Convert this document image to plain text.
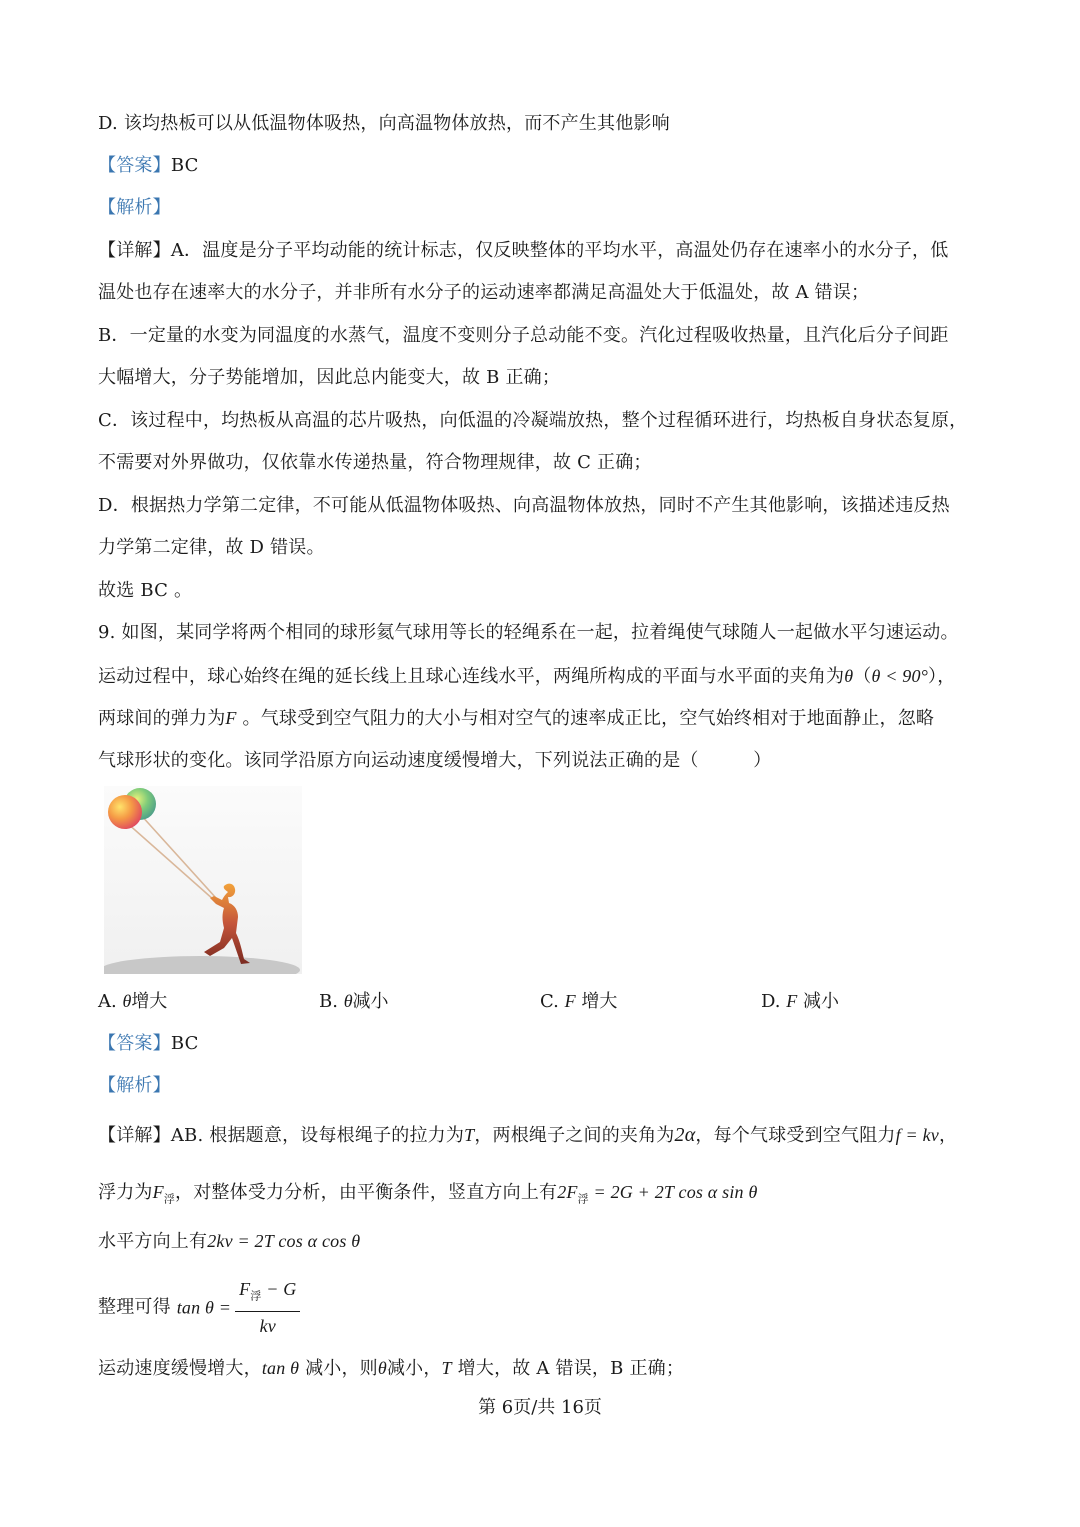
D. 该均热板可以从低温物体吸热，向高温物体放热，而不产生其他影响
【答案】BC
【解析】
【详解】A．温度是分子平均动能的统计标志，仅反映整体的平均水平，高温处仍存在速率小的水分子，低
温处也存在速率大的水分子，并非所有水分子的运动速率都满足高温处大于低温处，故 A 错误；
B．一定量的水变为同温度的水蒸气，温度不变则分子总动能不变。汽化过程吸收热量，且汽化后分子间距
大幅增大，分子势能增加，因此总内能变大，故 B 正确；
C．该过程中，均热板从高温的芯片吸热，向低温的冷凝端放热，整个过程循环进行，均热板自身状态复原，
不需要对外界做功，仅依靠水传递热量，符合物理规律，故 C 正确；
D．根据热力学第二定律，不可能从低温物体吸热、向高温物体放热，同时不产生其他影响，该描述违反热
力学第二定律，故 D 错误。
故选 BC 。
9. 如图，某同学将两个相同的球形氦气球用等长的轻绳系在一起，拉着绳使气球随人一起做水平匀速运动。
运动过程中，球心始终在绳的延长线上且球心连线水平，两绳所构成的平面与水平面的夹角为θ（θ < 90°），
两球间的弹力为F 。气球受到空气阻力的大小与相对空气的速率成正比，空气始终相对于地面静止，忽略
气球形状的变化。该同学沿原方向运动速度缓慢增大，下列说法正确的是（　　　）
A. θ增大	B. θ减小	C. F 增大	D. F 减小
【答案】BC
【解析】
【详解】AB. 根据题意，设每根绳子的拉力为T，两根绳子之间的夹角为2α，每个气球受到空气阻力f = kv，
浮力为$F_浮$，对整体受力分析，由平衡条件，竖直方向上有$2F_浮 = 2G + 2T$ cos α sin θ
水平方向上有2kv = 2T cos α cos θ
整理可得 $\tan \theta = \frac{F_浮 - G}{kv}$
运动速度缓慢增大，tan θ 减小，则θ减小，T 增大，故 A 错误，B 正确；
第 6页/共 16页
